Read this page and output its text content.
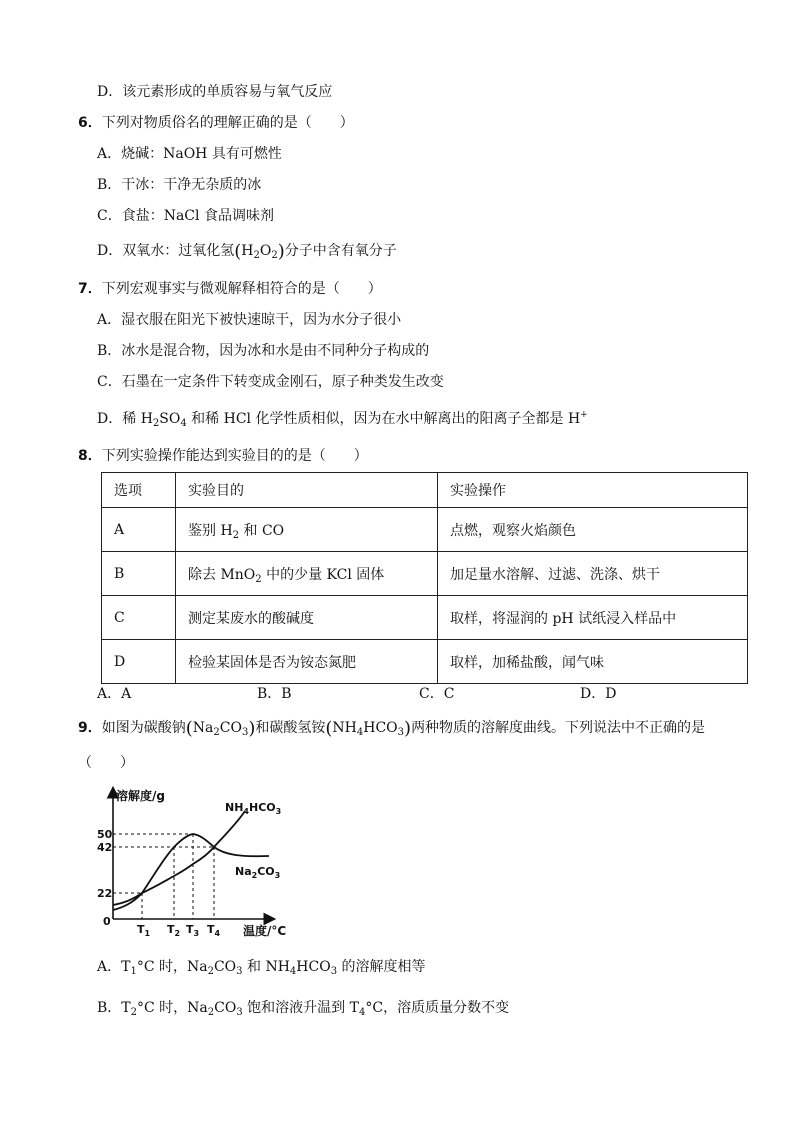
D．该元素形成的单质容易与氧气反应
6．下列对物质俗名的理解正确的是（　　）
A．烧碱：NaOH 具有可燃性
B．干冰：干净无杂质的冰
C．食盐：NaCl 食品调味剂
D．双氧水：过氧化氢$(H_2O_2)$分子中含有氧分子
7．下列宏观事实与微观解释相符合的是（　　）
A．湿衣服在阳光下被快速晾干，因为水分子很小
B．冰水是混合物，因为冰和水是由不同种分子构成的
C．石墨在一定条件下转变成金刚石，原子种类发生改变
D．稀 $H_2SO_4$ 和稀 HCl 化学性质相似，因为在水中解离出的阳离子全都是 H+
8．下列实验操作能达到实验目的的是（　　）
选项	实验目的	实验操作
A	鉴别 $H_2$ 和 CO	点燃，观察火焰颜色
B	除去 MnO$_2$ 中的少量 KCl 固体	加足量水溶解、过滤、洗涤、烘干
C	测定某废水的酸碱度	取样，将湿润的 pH 试纸浸入样品中
D	检验某固体是否为铵态氮肥	取样，加稀盐酸，闻气味
A．A	B．B	C．C	D．D
9．如图为碳酸钠$(Na_2CO_3)$和碳酸氢铵$(NH_4HCO_3)$两种物质的溶解度曲线。下列说法中不正确的是
（　　）
溶解度/g
温度/°C
0
50
42
22
$T_1$ $T_2$ $T_3$ $T_4$
$NH_4HCO_3$
$Na_2CO_3$
A．$T_1^\circ C$ 时，$Na_2CO_3$ 和 $NH_4HCO_3$ 的溶解度相等
B．$T_2^\circ C$ 时，$Na_2CO_3$ 饱和溶液升温到 $T_4^\circ C$，溶质质量分数不变
